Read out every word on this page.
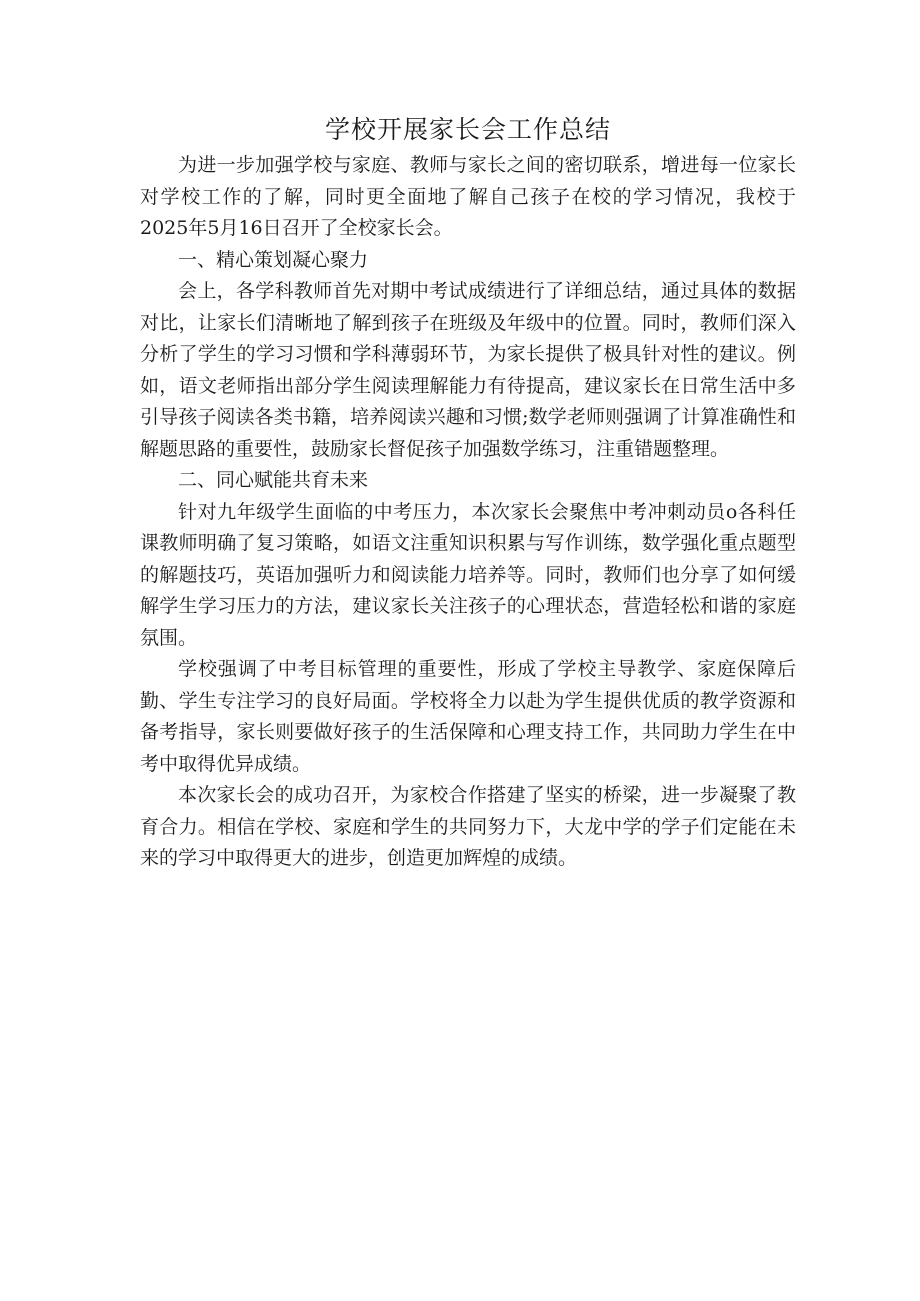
学校开展家长会工作总结

为进一步加强学校与家庭、教师与家长之间的密切联系，增进每一位家长对学校工作的了解，同时更全面地了解自己孩子在校的学习情况，我校于2025年5月16日召开了全校家长会。

一、精心策划凝心聚力

会上，各学科教师首先对期中考试成绩进行了详细总结，通过具体的数据对比，让家长们清晰地了解到孩子在班级及年级中的位置。同时，教师们深入分析了学生的学习习惯和学科薄弱环节，为家长提供了极具针对性的建议。例如，语文老师指出部分学生阅读理解能力有待提高，建议家长在日常生活中多引导孩子阅读各类书籍，培养阅读兴趣和习惯;数学老师则强调了计算准确性和解题思路的重要性，鼓励家长督促孩子加强数学练习，注重错题整理。

二、同心赋能共育未来

针对九年级学生面临的中考压力，本次家长会聚焦中考冲刺动员o各科任课教师明确了复习策略，如语文注重知识积累与写作训练，数学强化重点题型的解题技巧，英语加强听力和阅读能力培养等。同时，教师们也分享了如何缓解学生学习压力的方法，建议家长关注孩子的心理状态，营造轻松和谐的家庭氛围。

学校强调了中考目标管理的重要性，形成了学校主导教学、家庭保障后勤、学生专注学习的良好局面。学校将全力以赴为学生提供优质的教学资源和备考指导，家长则要做好孩子的生活保障和心理支持工作，共同助力学生在中考中取得优异成绩。

本次家长会的成功召开，为家校合作搭建了坚实的桥梁，进一步凝聚了教育合力。相信在学校、家庭和学生的共同努力下，大龙中学的学子们定能在未来的学习中取得更大的进步，创造更加辉煌的成绩。
